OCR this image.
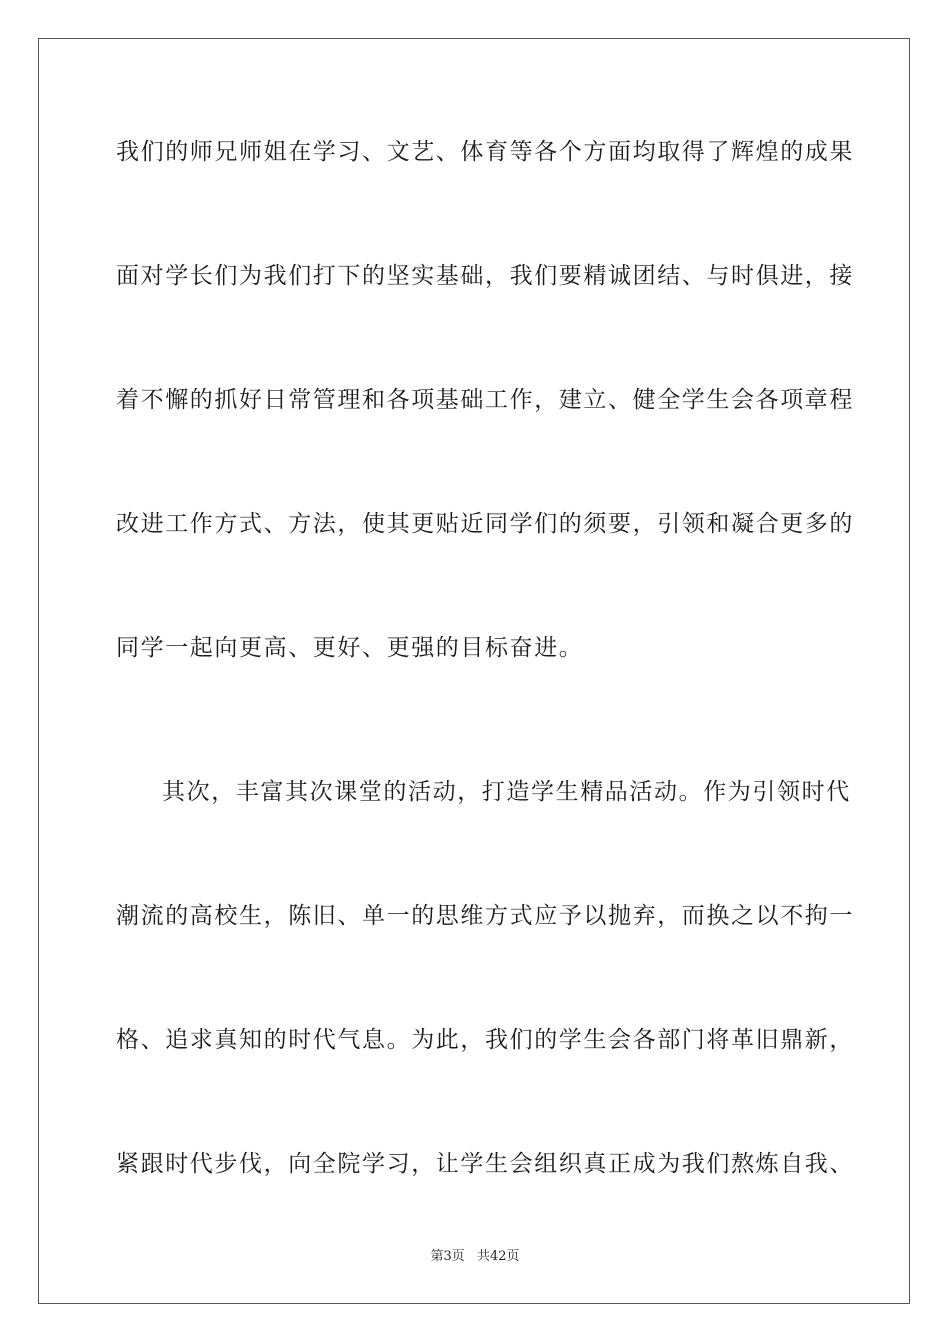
我们的师兄师姐在学习、文艺、体育等各个方面均取得了辉煌的成果
面对学长们为我们打下的坚实基础，我们要精诚团结、与时俱进，接
着不懈的抓好日常管理和各项基础工作，建立、健全学生会各项章程
改进工作方式、方法，使其更贴近同学们的须要，引领和凝合更多的
同学一起向更高、更好、更强的目标奋进。
其次，丰富其次课堂的活动，打造学生精品活动。作为引领时代
潮流的高校生，陈旧、单一的思维方式应予以抛弃，而换之以不拘一
格、追求真知的时代气息。为此，我们的学生会各部门将革旧鼎新，
紧跟时代步伐，向全院学习，让学生会组织真正成为我们熬炼自我、
第3页 共42页
